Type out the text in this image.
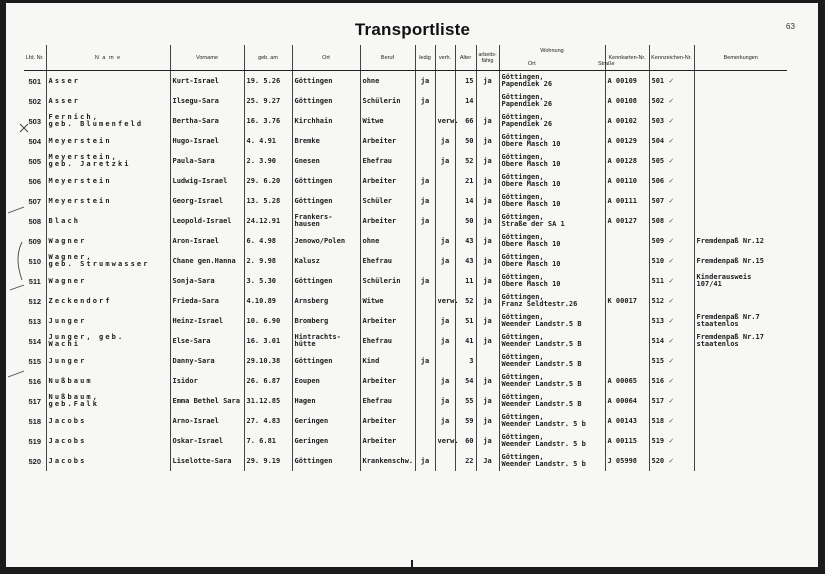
Transportliste	63
Lfd. Nr.	N a m e	Vorname	geb. am	Ort	Beruf	ledig	verh.	Alter	arbeits- fähig	Wohnung	Kennkarten-Nr.	Kennzeichen-Nr.	Bemerkungen
501	Asser	Kurt-Israel	19. 5.26	Göttingen	ohne	ja		15	ja	Göttingen,
Papendiek 26	A 00109	501 ✓	
502	Asser	Ilsegu-Sara	25. 9.27	Göttingen	Schülerin	ja		14		Göttingen,
Papendiek 26	A 00108	502 ✓	
503	Fernich,
geb. Blumenfeld	Bertha-Sara	16. 3.76	Kirchhain	Witwe		verw.	66	ja	Göttingen,
Papendiek 26	A 00102	503 ✓	
504	Meyerstein	Hugo-Israel	4. 4.91	Bremke	Arbeiter		ja	50	ja	Göttingen,
Obere Masch 10	A 00129	504 ✓	
505	Meyerstein,
geb. Jaretzki	Paula-Sara	2. 3.90	Gnesen	Ehefrau		ja	52	ja	Göttingen,
Obere Masch 10	A 00128	505 ✓	
506	Meyerstein	Ludwig-Israel	29. 6.20	Göttingen	Arbeiter	ja		21	ja	Göttingen,
Obere Masch 10	A 00110	506 ✓	
507	Meyerstein	Georg-Israel	13. 5.28	Göttingen	Schüler	ja		14	ja	Göttingen,
Obere Masch 10	A 00111	507 ✓	
508	Blach	Leopold-Israel	24.12.91	Frankers-
hausen	Arbeiter	ja		50	ja	Göttingen,
Straße der SA 1	A 00127	508 ✓	
509	Wagner	Aron-Israel	6. 4.98	Jenowo/Polen	ohne		ja	43	ja	Göttingen,
Obere Masch 10		509 ✓	Fremdenpaß Nr.12
510	Wagner,
geb. Strumwasser	Chane gen.Hanna	2. 9.98	Kalusz	Ehefrau		ja	43	ja	Göttingen,
Obere Masch 10		510 ✓	Fremdenpaß Nr.15
511	Wagner	Sonja-Sara	3. 5.30	Göttingen	Schülerin	ja		11	ja	Göttingen,
Obere Masch 10		511 ✓	Kinderausweis
107/41

512	Zeckendorf	Frieda-Sara	4.10.89	Arnsberg	Witwe		verw.	52	ja	Göttingen,
Franz Seldtestr.26	K 00017	512 ✓	
513	Junger	Heinz-Israel	10. 6.90	Bromberg	Arbeiter		ja	51	ja	Göttingen,
Weender Landstr.5 B		513 ✓	Fremdenpaß Nr.7
staatenlos

514	Junger, geb.
Wachi	Else-Sara	16. 3.01	Hintrachts-
hütte	Ehefrau		ja	41	ja	Göttingen,
Weender Landstr.5 B		514 ✓	Fremdenpaß Nr.17
staatenlos

515	Junger	Danny-Sara	29.10.38	Göttingen	Kind	ja		3		Göttingen,
Weender Landstr.5 B		515 ✓	
516	Nußbaum	Isidor	26. 6.87	Eoupen	Arbeiter		ja	54	ja	Göttingen,
Weender Landstr.5 B	A 00065	516 ✓	
517	Nußbaum,
geb.Falk	Emma Bethel Sara	31.12.85	Hagen	Ehefrau		ja	55	ja	Göttingen,
Weender Landstr.5 B	A 00064	517 ✓	
518	Jacobs	Arno-Israel	27. 4.83	Geringen	Arbeiter		ja	59	ja	Göttingen,
Weender Landstr. 5 b	A 00143	518 ✓	
519	Jacobs	Oskar-Israel	7. 6.81	Geringen	Arbeiter		verw.	60	ja	Göttingen,
Weender Landstr. 5 b	A 00115	519 ✓	
520	Jacobs	Liselotte-Sara	29. 9.19	Göttingen	Krankenschw.	ja		22	Ja	Göttingen,
Weender Landstr. 5 b	J 05998	520 ✓	
Ort	Straße
